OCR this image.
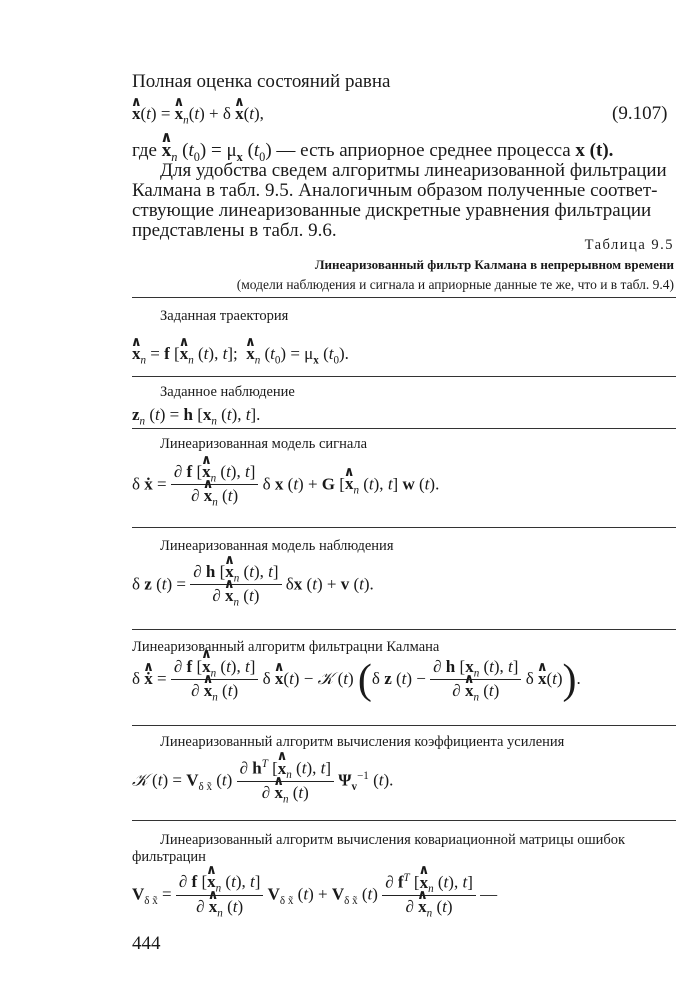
Полная оценка состояний равна
∧ x(t) = ∧ $x_n(t) + \delta$ ∧ x(t),	(9.107)
где ∧ $x_n$ $(t_0) = \mu_x$ $(t_0)$ — есть априорное среднее процесса x (t).
Для удобства сведем алгоритмы линеаризованной фильтрации
Калмана в табл. 9.5. Аналогичным образом полученные соответ-
ствующие линеаризованные дискретные уравнения фильтрации
представлены в табл. 9.6.
Таблица 9.5
Линеаризованный фильтр Калмана в непрерывном времени
(модели наблюдения и сигнала и априорные данные те же, что и в табл. 9.4)
Заданная траектория
∧ $x_n = f$ [∧ $x_n$ (t), t];  ∧ $x_n$ $(t_0) = \mu_x$ $(t_0)$.
Заданное наблюдение
$z_n$ (t) = h [$x_n$ (t), t].
Линеаризованная модель сигнала
δ ẋ = $\frac{\partial f [\wedge x_n (t), t]}{\partial \wedge x_n (t)}$ δ x (t) + G [∧ $x_n$ (t), t] w (t).
Линеаризованная модель наблюдения
δ z $(t) = \frac{\partial h [\wedge x_n (t), t]}{\partial \wedge x_n (t)}$ δx (t) + v (t).
Линеаризованный алгоритм фильтрацни Калмана
δ ∧ ẋ = $\frac{\partial f [\wedge x_n (t), t]}{\partial \wedge x_n (t)}$ δ ∧ x(t) − 𝒦 (t) (δ z $(t) - \frac{\partial h [x_n (t), t]}{\partial \wedge x_n (t)}$ δ ∧ x(t)).
Линеаризованный алгоритм вычисления коэффициента усиления
𝒦 $(t) = V_{\delta x̃}$ $(t) \frac{\partial h^T [\wedge x_n (t), t]}{\partial \wedge x_n (t)} \Psi_v^{-1}$ (t).
Линеаризованный алгоритм вычисления ковариационной матрицы ошибок
фильтрацин
$V_{\delta x̃} = \frac{\partial f [\wedge x_n (t), t]}{\partial \wedge x_n (t)} V_{\delta x̃}$ $(t) + V_{\delta x̃}$ $(t) \frac{\partial f^T [\wedge x_n (t), t]}{\partial \wedge x_n (t)}$ —
444
